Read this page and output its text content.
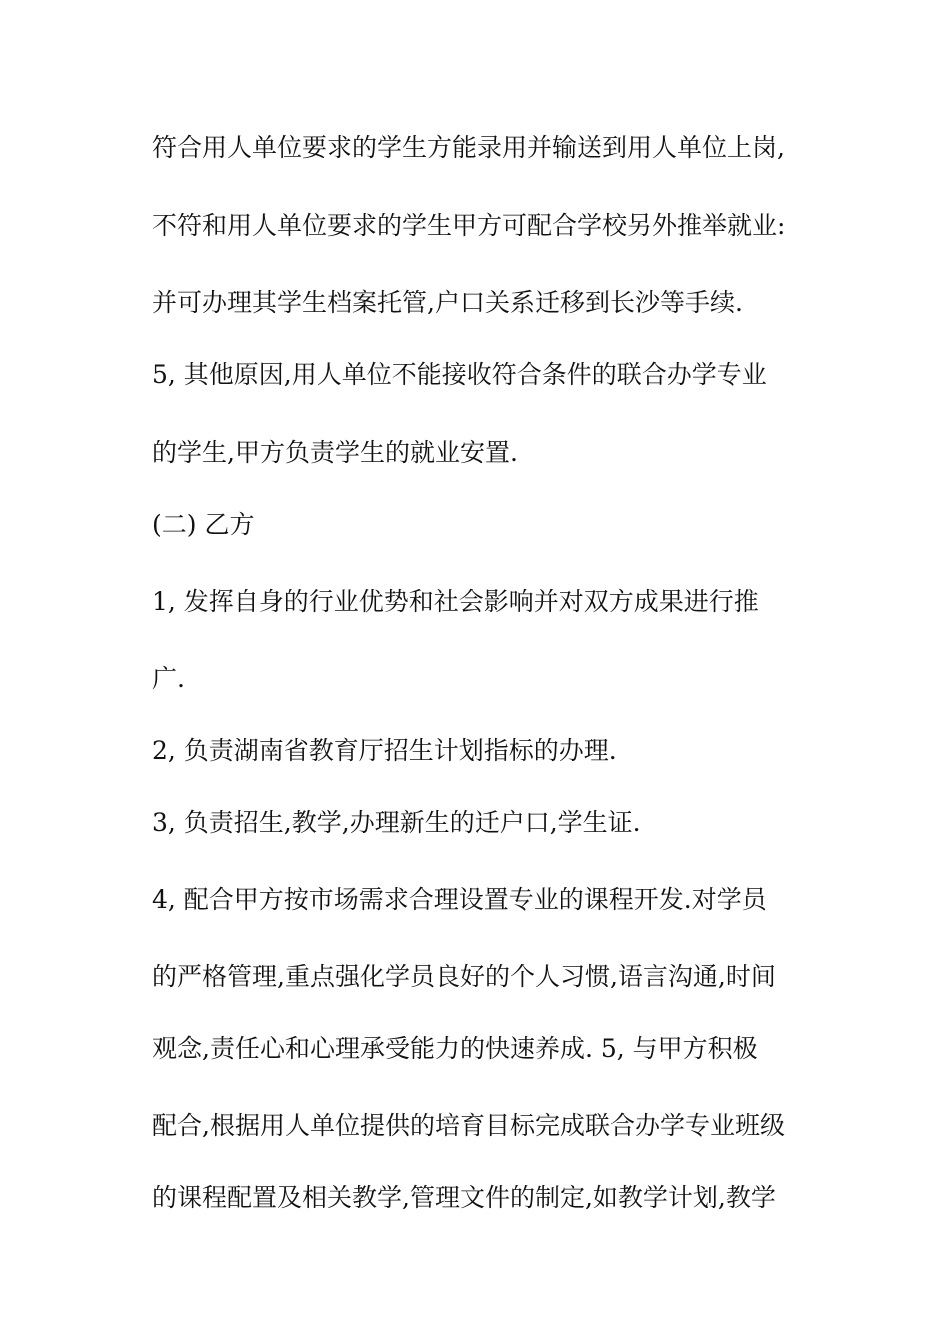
符合用人单位要求的学生方能录用并输送到用人单位上岗,

不符和用人单位要求的学生甲方可配合学校另外推举就业:

并可办理其学生档案托管,户口关系迁移到长沙等手续.

5, 其他原因,用人单位不能接收符合条件的联合办学专业

的学生,甲方负责学生的就业安置.

(二) 乙方

1, 发挥自身的行业优势和社会影响并对双方成果进行推

广.

2, 负责湖南省教育厅招生计划指标的办理.

3, 负责招生,教学,办理新生的迁户口,学生证.

4, 配合甲方按市场需求合理设置专业的课程开发.对学员

的严格管理,重点强化学员良好的个人习惯,语言沟通,时间

观念,责任心和心理承受能力的快速养成. 5, 与甲方积极

配合,根据用人单位提供的培育目标完成联合办学专业班级

的课程配置及相关教学,管理文件的制定,如教学计划,教学
